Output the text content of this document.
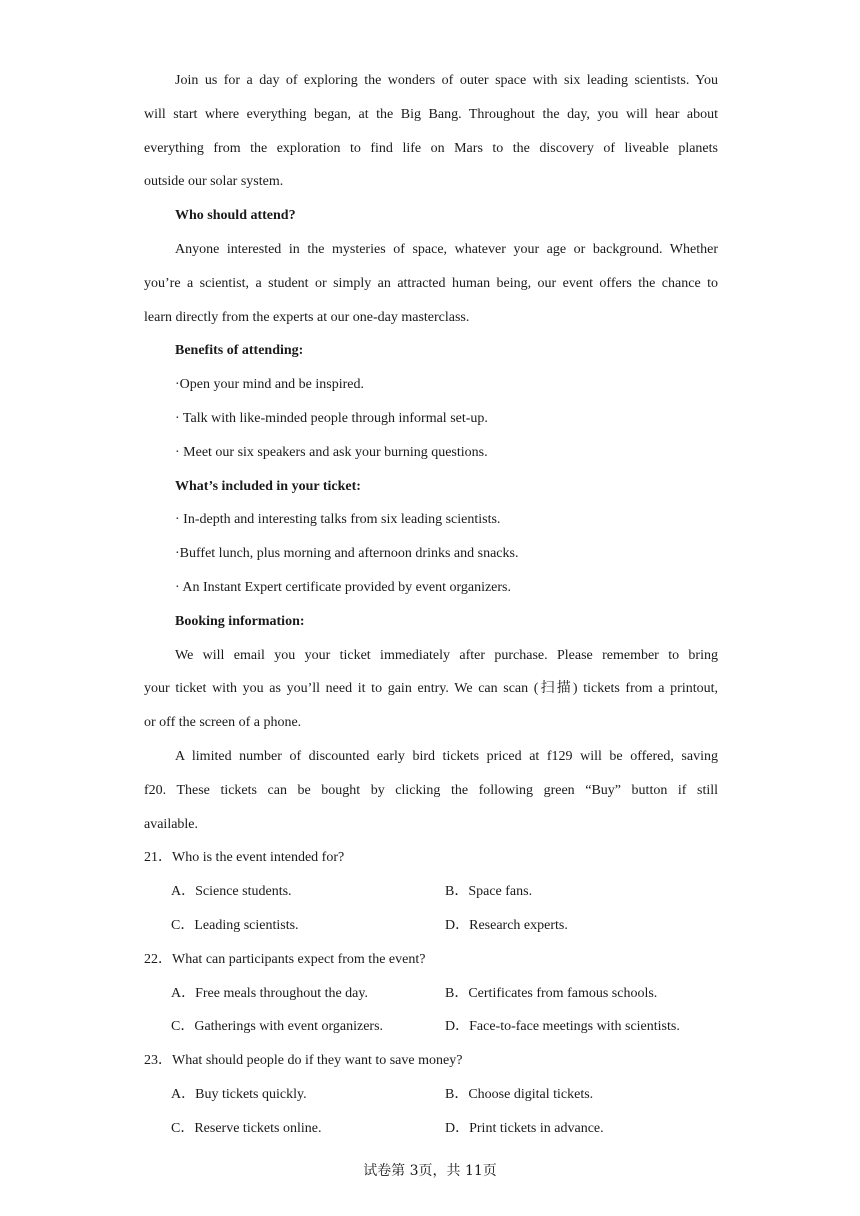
Join us for a day of exploring the wonders of outer space with six leading scientists. You
will start where everything began, at the Big Bang. Throughout the day, you will hear about
everything from the exploration to find life on Mars to the discovery of liveable planets
outside our solar system.
Who should attend?
Anyone interested in the mysteries of space, whatever your age or background. Whether
you’re a scientist, a student or simply an attracted human being, our event offers the chance to
learn directly from the experts at our one-day masterclass.
Benefits of attending:
·Open your mind and be inspired.
· Talk with like-minded people through informal set-up.
· Meet our six speakers and ask your burning questions.
What’s included in your ticket:
· In-depth and interesting talks from six leading scientists.
·Buffet lunch, plus morning and afternoon drinks and snacks.
· An Instant Expert certificate provided by event organizers.
Booking information:
We will email you your ticket immediately after purchase. Please remember to bring
your ticket with you as you’ll need it to gain entry. We can scan (扫描) tickets from a printout,
or off the screen of a phone.
A limited number of discounted early bird tickets priced at f129 will be offered, saving
f20. These tickets can be bought by clicking the following green “Buy” button if still
available.
21．Who is the event intended for?
A．Science students.	B．Space fans.
C．Leading scientists.	D．Research experts.
22．What can participants expect from the event?
A．Free meals throughout the day.	B．Certificates from famous schools.
C．Gatherings with event organizers.	D．Face-to-face meetings with scientists.
23．What should people do if they want to save money?
A．Buy tickets quickly.	B．Choose digital tickets.
C．Reserve tickets online.	D．Print tickets in advance.
试卷第 3页，共 11页
